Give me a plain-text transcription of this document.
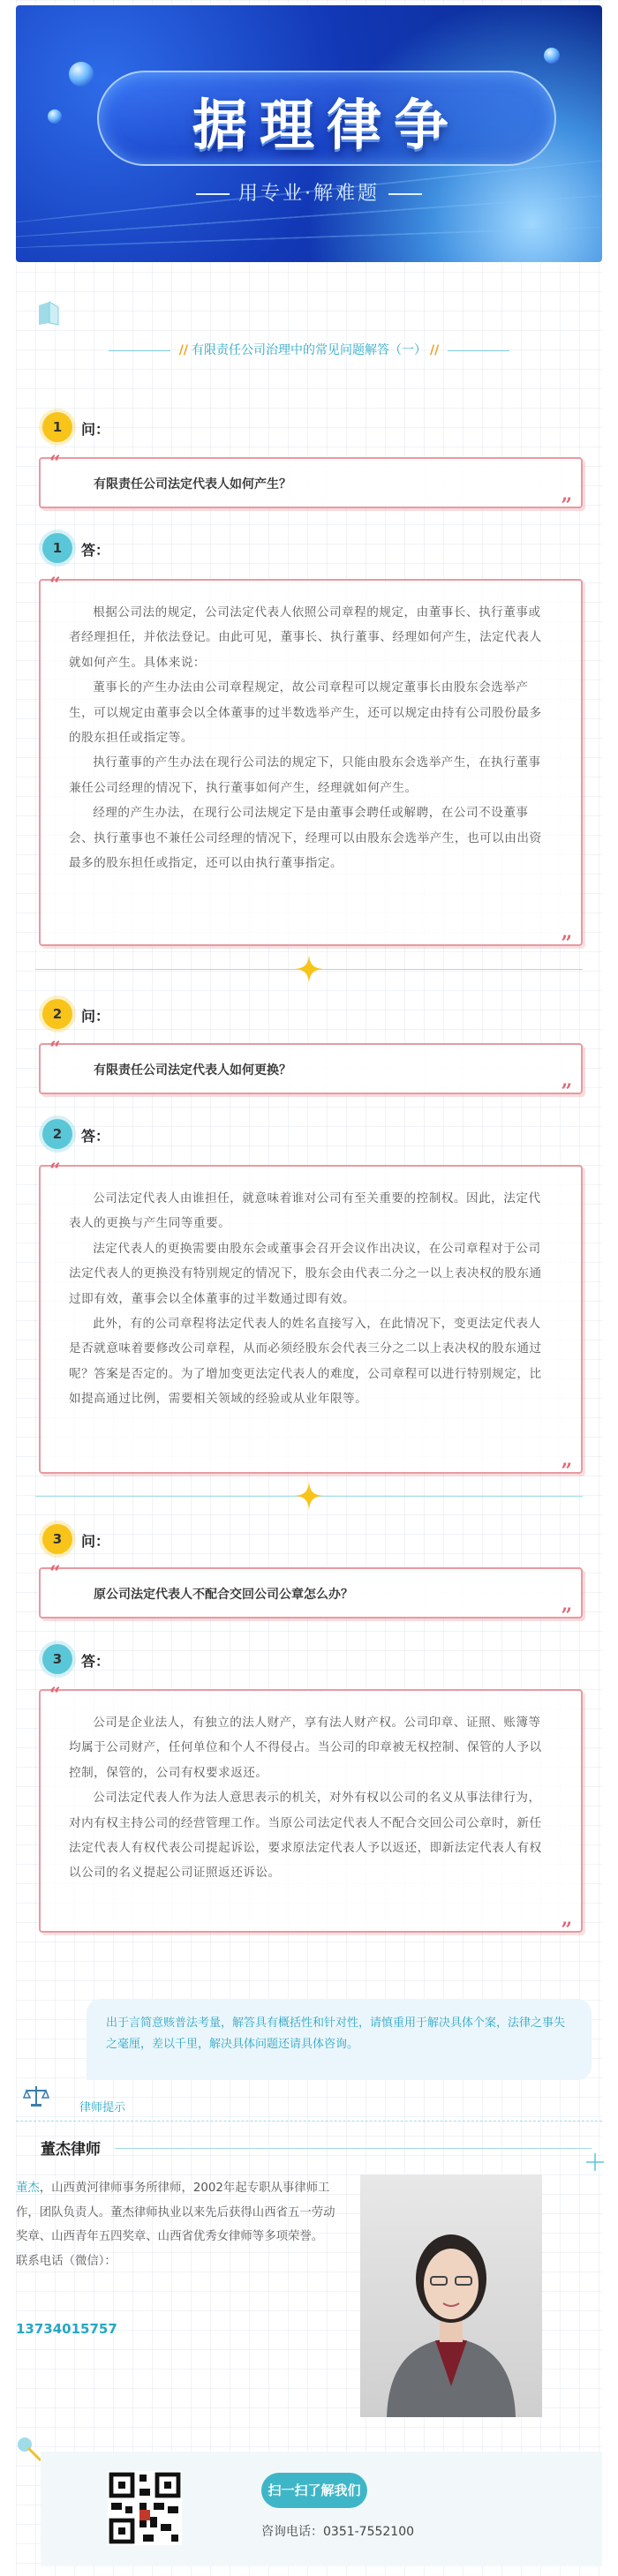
据理律争
用专业·解难题
// 有限责任公司治理中的常见问题解答（一） //
1	问：
“
有限责任公司法定代表人如何产生？
”
1	答：
“

根据公司法的规定，公司法定代表人依照公司章程的规定，由董事长、执行董事或者经理担任，并依法登记。由此可见，董事长、执行董事、经理如何产生，法定代表人就如何产生。具体来说：

董事长的产生办法由公司章程规定，故公司章程可以规定董事长由股东会选举产生，可以规定由董事会以全体董事的过半数选举产生，还可以规定由持有公司股份最多的股东担任或指定等。

执行董事的产生办法在现行公司法的规定下，只能由股东会选举产生，在执行董事兼任公司经理的情况下，执行董事如何产生，经理就如何产生。

经理的产生办法，在现行公司法规定下是由董事会聘任或解聘，在公司不设董事会、执行董事也不兼任公司经理的情况下，经理可以由股东会选举产生，也可以由出资最多的股东担任或指定，还可以由执行董事指定。

”
2	问：
“
有限责任公司法定代表人如何更换？
”
2	答：
“

公司法定代表人由谁担任，就意味着谁对公司有至关重要的控制权。因此，法定代表人的更换与产生同等重要。

法定代表人的更换需要由股东会或董事会召开会议作出决议，在公司章程对于公司法定代表人的更换没有特别规定的情况下，股东会由代表二分之一以上表决权的股东通过即有效，董事会以全体董事的过半数通过即有效。

此外，有的公司章程将法定代表人的姓名直接写入，在此情况下，变更法定代表人是否就意味着要修改公司章程，从而必须经股东会代表三分之二以上表决权的股东通过呢？答案是否定的。为了增加变更法定代表人的难度，公司章程可以进行特别规定，比如提高通过比例，需要相关领域的经验或从业年限等。

”
3	问：
“
原公司法定代表人不配合交回公司公章怎么办？
”
3	答：
“

公司是企业法人，有独立的法人财产，享有法人财产权。公司印章、证照、账簿等均属于公司财产，任何单位和个人不得侵占。当公司的印章被无权控制、保管的人予以控制，保管的，公司有权要求返还。

公司法定代表人作为法人意思表示的机关，对外有权以公司的名义从事法律行为，对内有权主持公司的经营管理工作。当原公司法定代表人不配合交回公司公章时，新任法定代表人有权代表公司提起诉讼，要求原法定代表人予以返还，即新法定代表人有权以公司的名义提起公司证照返还诉讼。

”
出于言简意赅普法考量，解答具有概括性和针对性，请慎重用于解决具体个案，法律之事失之毫厘，差以千里，解决具体问题还请具体咨询。
律师提示
董杰律师
董杰，山西黄河律师事务所律师，2002年起专职从事律师工作，团队负责人。董杰律师执业以来先后获得山西省五一劳动奖章、山西青年五四奖章、山西省优秀女律师等多项荣誉。
联系电话（微信）：
13734015757
扫一扫了解我们
咨询电话：0351-7552100
